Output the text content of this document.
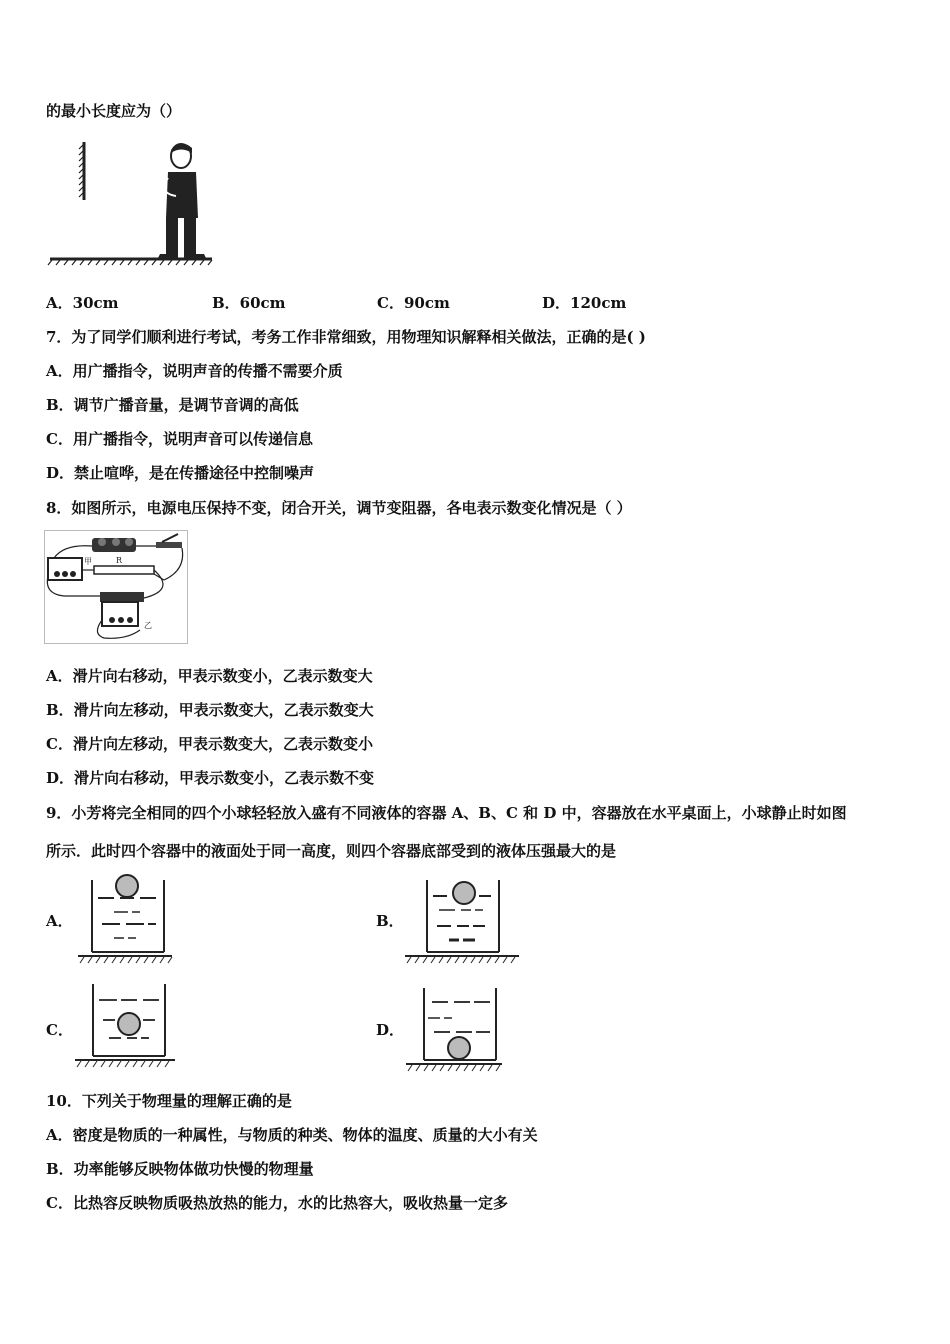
的最小长度应为（）
A．30cm	B．60cm	C．90cm	D．120cm
7．为了同学们顺利进行考试，考务工作非常细致，用物理知识解释相关做法，正确的是( )
A．用广播指令，说明声音的传播不需要介质
B．调节广播音量，是调节音调的高低
C．用广播指令，说明声音可以传递信息
D．禁止喧哗，是在传播途径中控制噪声
8．如图所示，电源电压保持不变，闭合开关，调节变阻器，各电表示数变化情况是（ ）
甲	R
乙
A．滑片向右移动，甲表示数变小，乙表示数变大
B．滑片向左移动，甲表示数变大，乙表示数变大
C．滑片向左移动，甲表示数变大，乙表示数变小
D．滑片向右移动，甲表示数变小，乙表示数不变
9．小芳将完全相同的四个小球轻轻放入盛有不同液体的容器 A、B、C 和 D 中，容器放在水平桌面上，小球静止时如图
所示．此时四个容器中的液面处于同一高度，则四个容器底部受到的液体压强最大的是
A．	B．
C．	D．
10．下列关于物理量的理解正确的是
A．密度是物质的一种属性，与物质的种类、物体的温度、质量的大小有关
B．功率能够反映物体做功快慢的物理量
C．比热容反映物质吸热放热的能力，水的比热容大，吸收热量一定多
